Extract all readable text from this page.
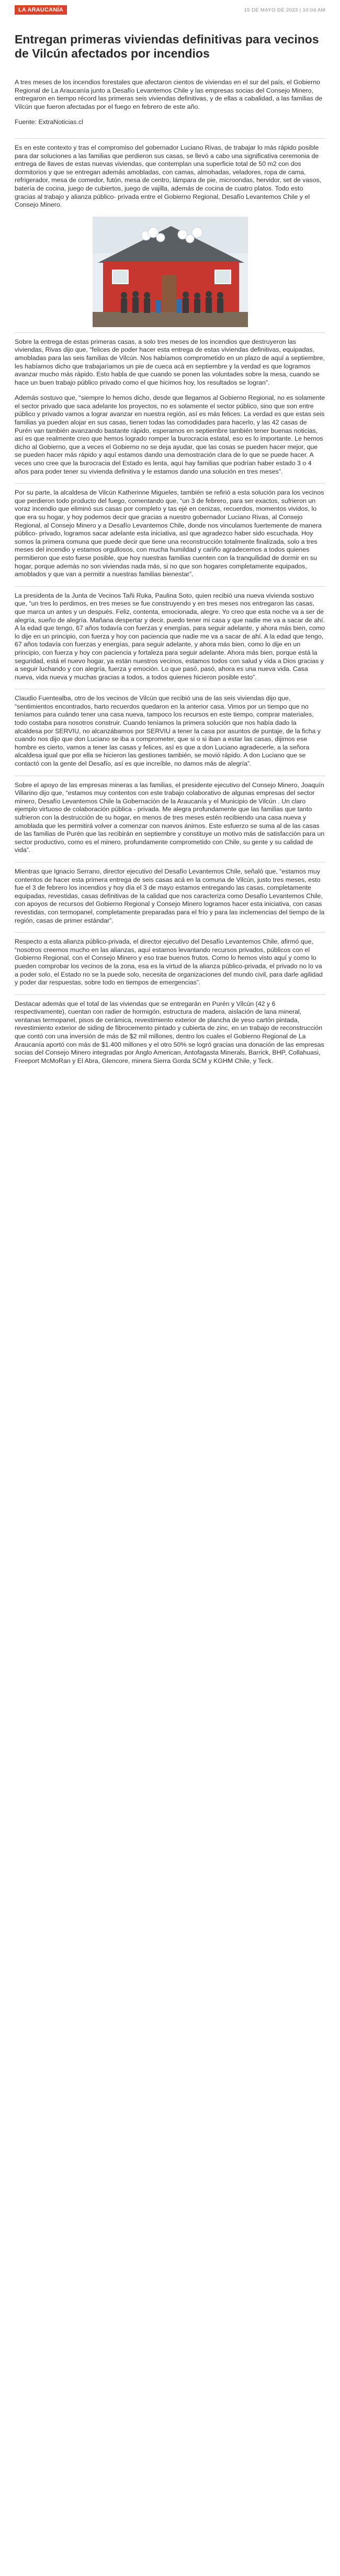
LA ARAUCANÍA	15 DE MAYO DE 2023 | 10:04 AM
Entregan primeras viviendas definitivas para vecinos de Vilcún afectados por incendios

A tres meses de los incendios forestales que afectaron cientos de viviendas en el sur del país, el Gobierno Regional de La Araucanía junto a Desafío Levantemos Chile y las empresas socias del Consejo Minero, entregaron en tiempo récord las primeras seis viviendas definitivas, y de ellas a cabalidad, a las familias de Vilcún que fueron afectadas por el fuego en febrero de este año.

Fuente: ExtraNoticias.cl

Es en este contexto y tras el compromiso del gobernador Luciano Rivas, de trabajar lo más rápido posible para dar soluciones a las familias que perdieron sus casas, se llevó a cabo una significativa ceremonia de entrega de llaves de estas nuevas viviendas, que contemplan una superficie total de 50 m2 con dos dormitorios y que se entregan además amobladas, con camas, almohadas, veladores, ropa de cama, refrigerador, mesa de comedor, futón, mesa de centro, lámpara de pie, microondas, hervidor, set de vasos, batería de cocina, juego de cubiertos, juego de vajilla, además de cocina de cuatro platos. Todo esto gracias al trabajo y alianza público- privada entre el Gobierno Regional, Desafío Levantemos Chile y el Consejo Minero.

Sobre la entrega de estas primeras casas, a solo tres meses de los incendios que destruyeron las viviendas, Rivas dijo que, “felices de poder hacer esta entrega de estas viviendas definitivas, equipadas, amobladas para las seis familias de Vilcún. Nos habíamos comprometido en un plazo de aquí a septiembre, les habíamos dicho que trabajaríamos un pie de cueca acá en septiembre y la verdad es que logramos avanzar mucho más rápido. Esto habla de que cuando se ponen las voluntades sobre la mesa, cuando se hace un buen trabajo público privado como el que hicimos hoy, los resultados se logran”.

Además sostuvo que, “siempre lo hemos dicho, desde que llegamos al Gobierno Regional, no es solamente el sector privado que saca adelante los proyectos, no es solamente el sector público, sino que son entre público y privado vamos a lograr avanzar en nuestra región, así es más felices. La verdad es que estas seis familias ya pueden alojar en sus casas, tienen todas las comodidades para hacerlo, y las 42 casas de Purén van también avanzando bastante rápido, esperamos en septiembre también tener buenas noticias, así es que realmente creo que hemos logrado romper la burocracia estatal, eso es lo importante. Le hemos dicho al Gobierno, que a veces el Gobierno no se deja ayudar, que las cosas se pueden hacer mejor, que se pueden hacer más rápido y aquí estamos dando una demostración clara de lo que se puede hacer. A veces uno cree que la burocracia del Estado es lenta, aquí hay familias que podrían haber estado 3 o 4 años para poder tener su vivienda definitiva y le estamos dando una solución en tres meses”.

Por su parte, la alcaldesa de Vilcún Katherinne Migueles, también se refirió a esta solución para los vecinos que perdieron todo producto del fuego, comentando que, “un 3 de febrero, para ser exactos, sufrieron un voraz incendio que eliminó sus casas por completo y tas ejé en cenizas, recuerdos, momentos vividos, lo que era su hogar, y hoy podemos decir que gracias a nuestro gobernador Luciano Rivas, al Consejo Regional, al Consejo Minero y a Desafío Levantemos Chile, donde nos vinculamos fuertemente de manera público- privado, logramos sacar adelante esta iniciativa, así que agradezco haber sido escuchada. Hoy somos la primera comuna que puede decir que tiene una reconstrucción totalmente finalizada, solo a tres meses del incendio y estamos orgullosos, con mucha humildad y cariño agradecemos a todos quienes permitieron que esto fuese posible, que hoy nuestras familias cuenten con la tranquilidad de dormir en su hogar, porque además no son viviendas nada más, si no que son hogares completamente equipados, amoblados y que van a permitir a nuestras familias bienestar”.

La presidenta de la Junta de Vecinos Tañi Ruka, Paulina Soto, quien recibió una nueva vivienda sostuvo que, “un tres lo perdimos, en tres meses se fue construyendo y en tres meses nos entregaron las casas, que marca un antes y un después. Feliz, contenta, emocionada, alegre. Yo creo que esta noche va a ser de alegría, sueño de alegría. Mañana despertar y decir, puedo tener mi casa y que nadie me va a sacar de ahí. A la edad que tengo, 67 años todavía con fuerzas y energías, para seguir adelante, y ahora más bien, como lo dije en un principio, con fuerza y hoy con paciencia que nadie me va a sacar de ahí. A la edad que tengo, 67 años todavía con fuerzas y energías, para seguir adelante, y ahora más bien, como lo dije en un principio, con fuerza y hoy con paciencia y fortaleza para seguir adelante. Ahora más bien, porque está la seguridad, está el nuevo hogar, ya están nuestros vecinos, estamos todos con salud y vida a Dios gracias y a seguir luchando y con alegría, fuerza y emoción. Lo que pasó, pasó, ahora es una nueva vida. Casa nueva, vida nueva y muchas gracias a todos, a todos quienes hicieron posible esto”.

Claudio Fuentealba, otro de los vecinos de Vilcún que recibió una de las seis viviendas dijo que, “sentimientos encontrados, harto recuerdos quedaron en la anterior casa. Vimos por un tiempo que no teníamos para cuándo tener una casa nueva, tampoco los recursos en este tiempo, comprar materiales, todo costaba para nosotros construir. Cuando teníamos la primera solución que nos había dado la alcaldesa por SERVIU, no alcanzábamos por SERVIU a tener la casa por asuntos de puntaje, de la ficha y cuando nos dijo que don Luciano se iba a comprometer, que si o si iban a estar las casas, dijimos ese hombre es cierto, vamos a tener las casas y felices, así es que a don Luciano agradecerle, a la señora alcaldesa igual que por ella se hicieron las gestiones también, se movió rápido. A don Luciano que se contactó con la gente del Desafío, así es que increíble, no damos más de alegría”.

Sobre el apoyo de las empresas mineras a las familias, el presidente ejecutivo del Consejo Minero, Joaquín Villarino dijo que, “estamos muy contentos con este trabajo colaborativo de algunas empresas del sector minero, Desafío Levantemos Chile la Gobernación de la Araucanía y el Municipio de Vilcún . Un claro ejemplo virtuoso de colaboración pública - privada. Me alegra profundamente que las familias que tanto sufrieron con la destrucción de su hogar, en menos de tres meses estén recibiendo una casa nueva y amoblada que les permitirá volver a comenzar con nuevos ánimos. Este esfuerzo se suma al de las casas de las familias de Purén que las recibirán en septiembre y constituye un motivo más de satisfacción para un sector productivo, como es el minero, profundamente comprometido con Chile, su gente y su calidad de vida”.

Mientras que Ignacio Serrano, director ejecutivo del Desafío Levantemos Chile, señaló que, “estamos muy contentos de hacer esta primera entrega de seis casas acá en la comuna de Vilcún, justo tres meses, esto fue el 3 de febrero los incendios y hoy día el 3 de mayo estamos entregando las casas, completamente equipadas, revestidas, casas definitivas de la calidad que nos caracteriza como Desafío Levantemos Chile, con apoyos de recursos del Gobierno Regional y Consejo Minero logramos hacer esta iniciativa, con casas revestidas, con termopanel, completamente preparadas para el frío y para las inclemencias del tiempo de la región, casas de primer estándar”.

Respecto a esta alianza público-privada, el director ejecutivo del Desafío Levantemos Chile, afirmó que, “nosotros creemos mucho en las alianzas, aquí estamos levantando recursos privados, públicos con el Gobierno Regional, con el Consejo Minero y eso trae buenos frutos. Como lo hemos visto aquí y como lo pueden comprobar los vecinos de la zona, esa es la virtud de la alianza público-privada, el privado no lo va a poder solo, el Estado no se la puede solo, necesita de organizaciones del mundo civil, para darle agilidad y poder dar respuestas, sobre todo en tiempos de emergencias”.

Destacar además que el total de las viviendas que se entregarán en Purén y Vilcún (42 y 6 respectivamente), cuentan con radier de hormigón, estructura de madera, aislación de lana mineral, ventanas termopanel, pisos de cerámica, revestimiento exterior de plancha de yeso cartón pintada, revestimiento exterior de siding de fibrocemento pintado y cubierta de zinc, en un trabajo de reconstrucción que contó con una inversión de más de $2 mil millones, dentro los cuales el Gobierno Regional de La Araucanía aportó con más de $1.400 millones y el otro 50% se logró gracias una donación de las empresas socias del Consejo Minero integradas por Anglo American, Antofagasta Minerals, Barrick, BHP, Collahuasi, Freeport McMoRan y El Abra, Glencore, minera Sierra Gorda SCM y KGHM Chile, y Teck.
